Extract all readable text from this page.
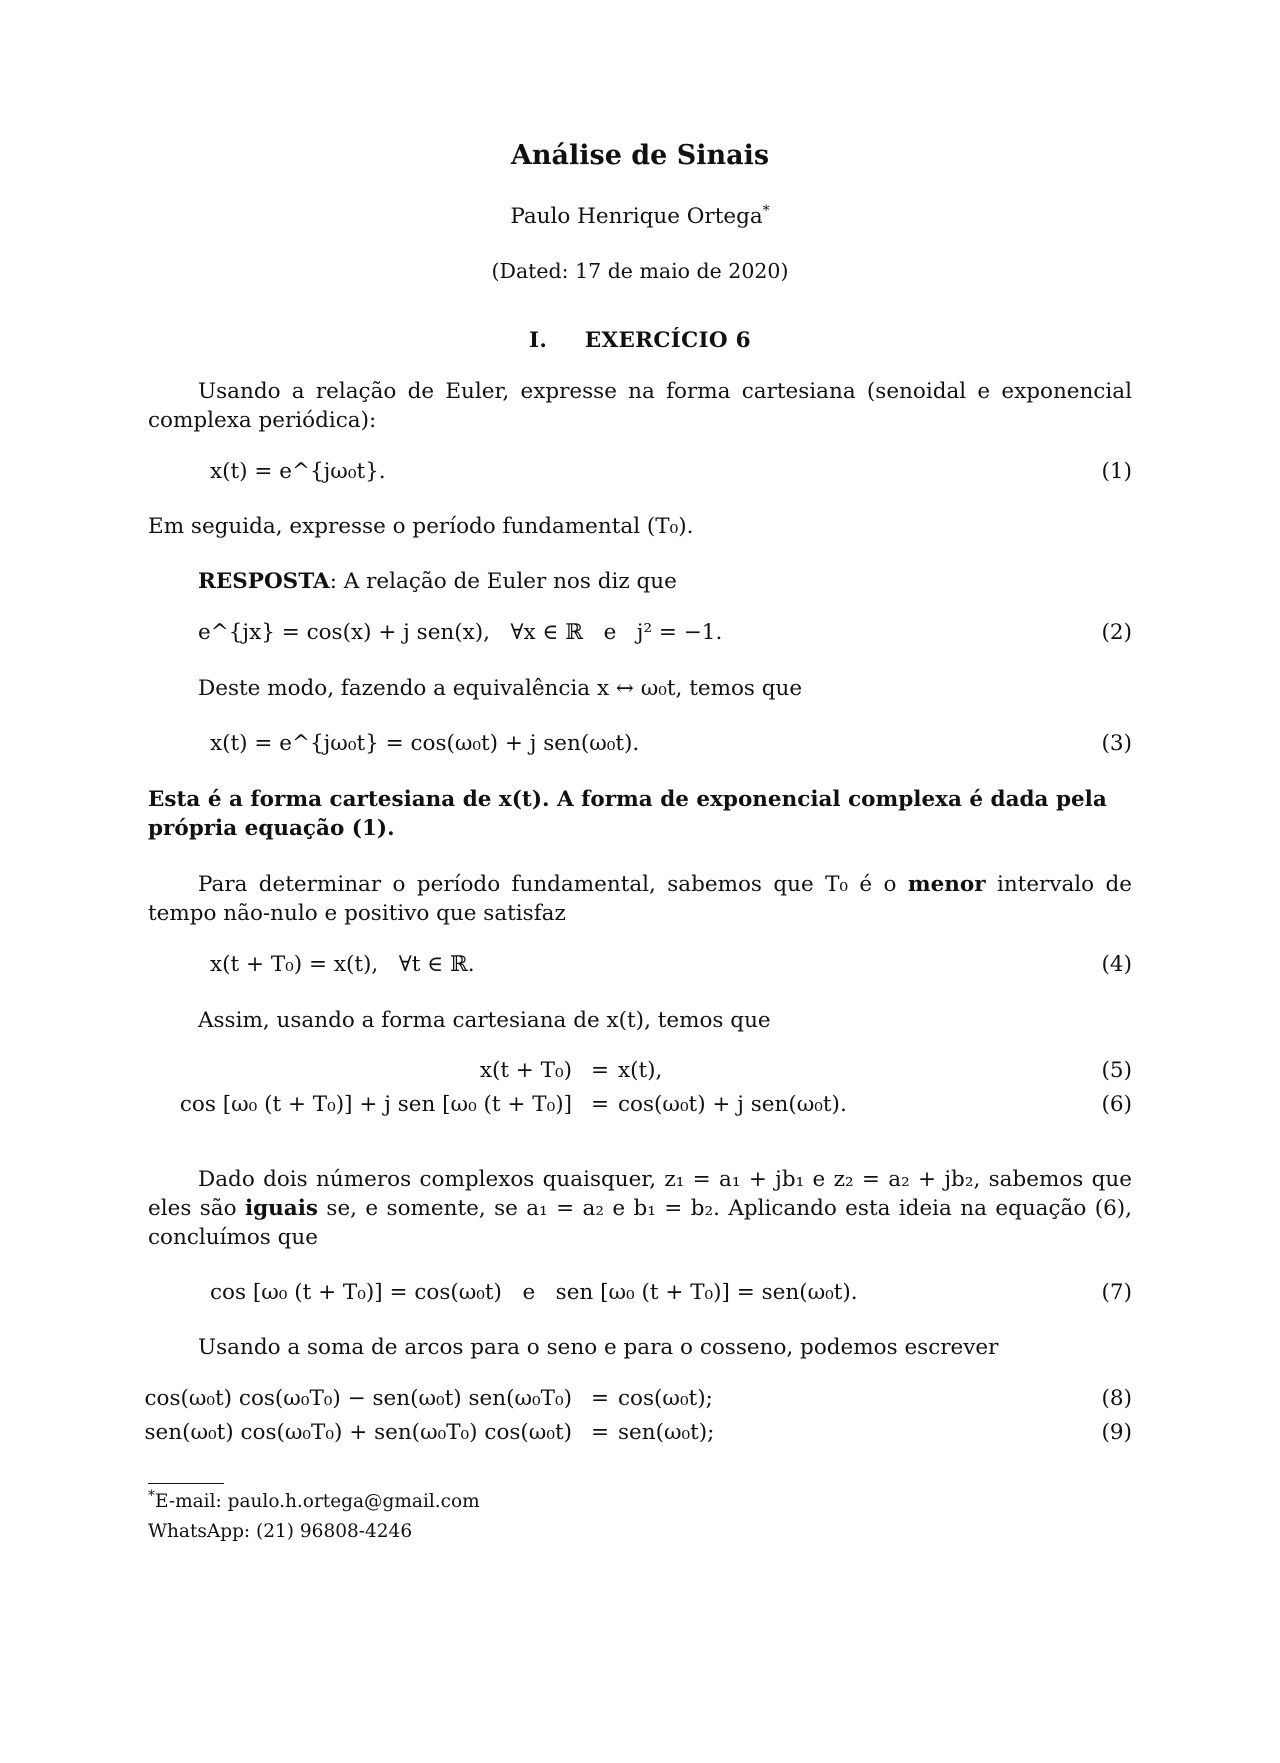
Análise de Sinais
Paulo Henrique Ortega*
(Dated: 17 de maio de 2020)
I. EXERCÍCIO 6
Usando a relação de Euler, expresse na forma cartesiana (senoidal e exponencial complexa periódica):
x(t) = e^{jω₀t}.	(1)
Em seguida, expresse o período fundamental (T₀).
RESPOSTA: A relação de Euler nos diz que
e^{jx} = cos(x) + j sen(x),   ∀x ∈ ℝ   e   j² = −1.	(2)
Deste modo, fazendo a equivalência x ↔ ω₀t, temos que
x(t) = e^{jω₀t} = cos(ω₀t) + j sen(ω₀t).	(3)
Esta é a forma cartesiana de x(t). A forma de exponencial complexa é dada pela própria equação (1).
Para determinar o período fundamental, sabemos que T₀ é o menor intervalo de tempo não-nulo e positivo que satisfaz
x(t + T₀) = x(t),   ∀t ∈ ℝ.	(4)
Assim, usando a forma cartesiana de x(t), temos que
x(t + T₀) = x(t),	(5)
cos [ω₀ (t + T₀)] + j sen [ω₀ (t + T₀)] = cos(ω₀t) + j sen(ω₀t).	(6)
Dado dois números complexos quaisquer, z₁ = a₁ + jb₁ e z₂ = a₂ + jb₂, sabemos que eles são iguais se, e somente, se a₁ = a₂ e b₁ = b₂. Aplicando esta ideia na equação (6), concluímos que
cos [ω₀ (t + T₀)] = cos(ω₀t)   e   sen [ω₀ (t + T₀)] = sen(ω₀t).	(7)
Usando a soma de arcos para o seno e para o cosseno, podemos escrever
cos(ω₀t) cos(ω₀T₀) − sen(ω₀t) sen(ω₀T₀) = cos(ω₀t);	(8)
sen(ω₀t) cos(ω₀T₀) + sen(ω₀T₀) cos(ω₀t) = sen(ω₀t);	(9)
*E-mail: paulo.h.ortega@gmail.com
WhatsApp: (21) 96808-4246
